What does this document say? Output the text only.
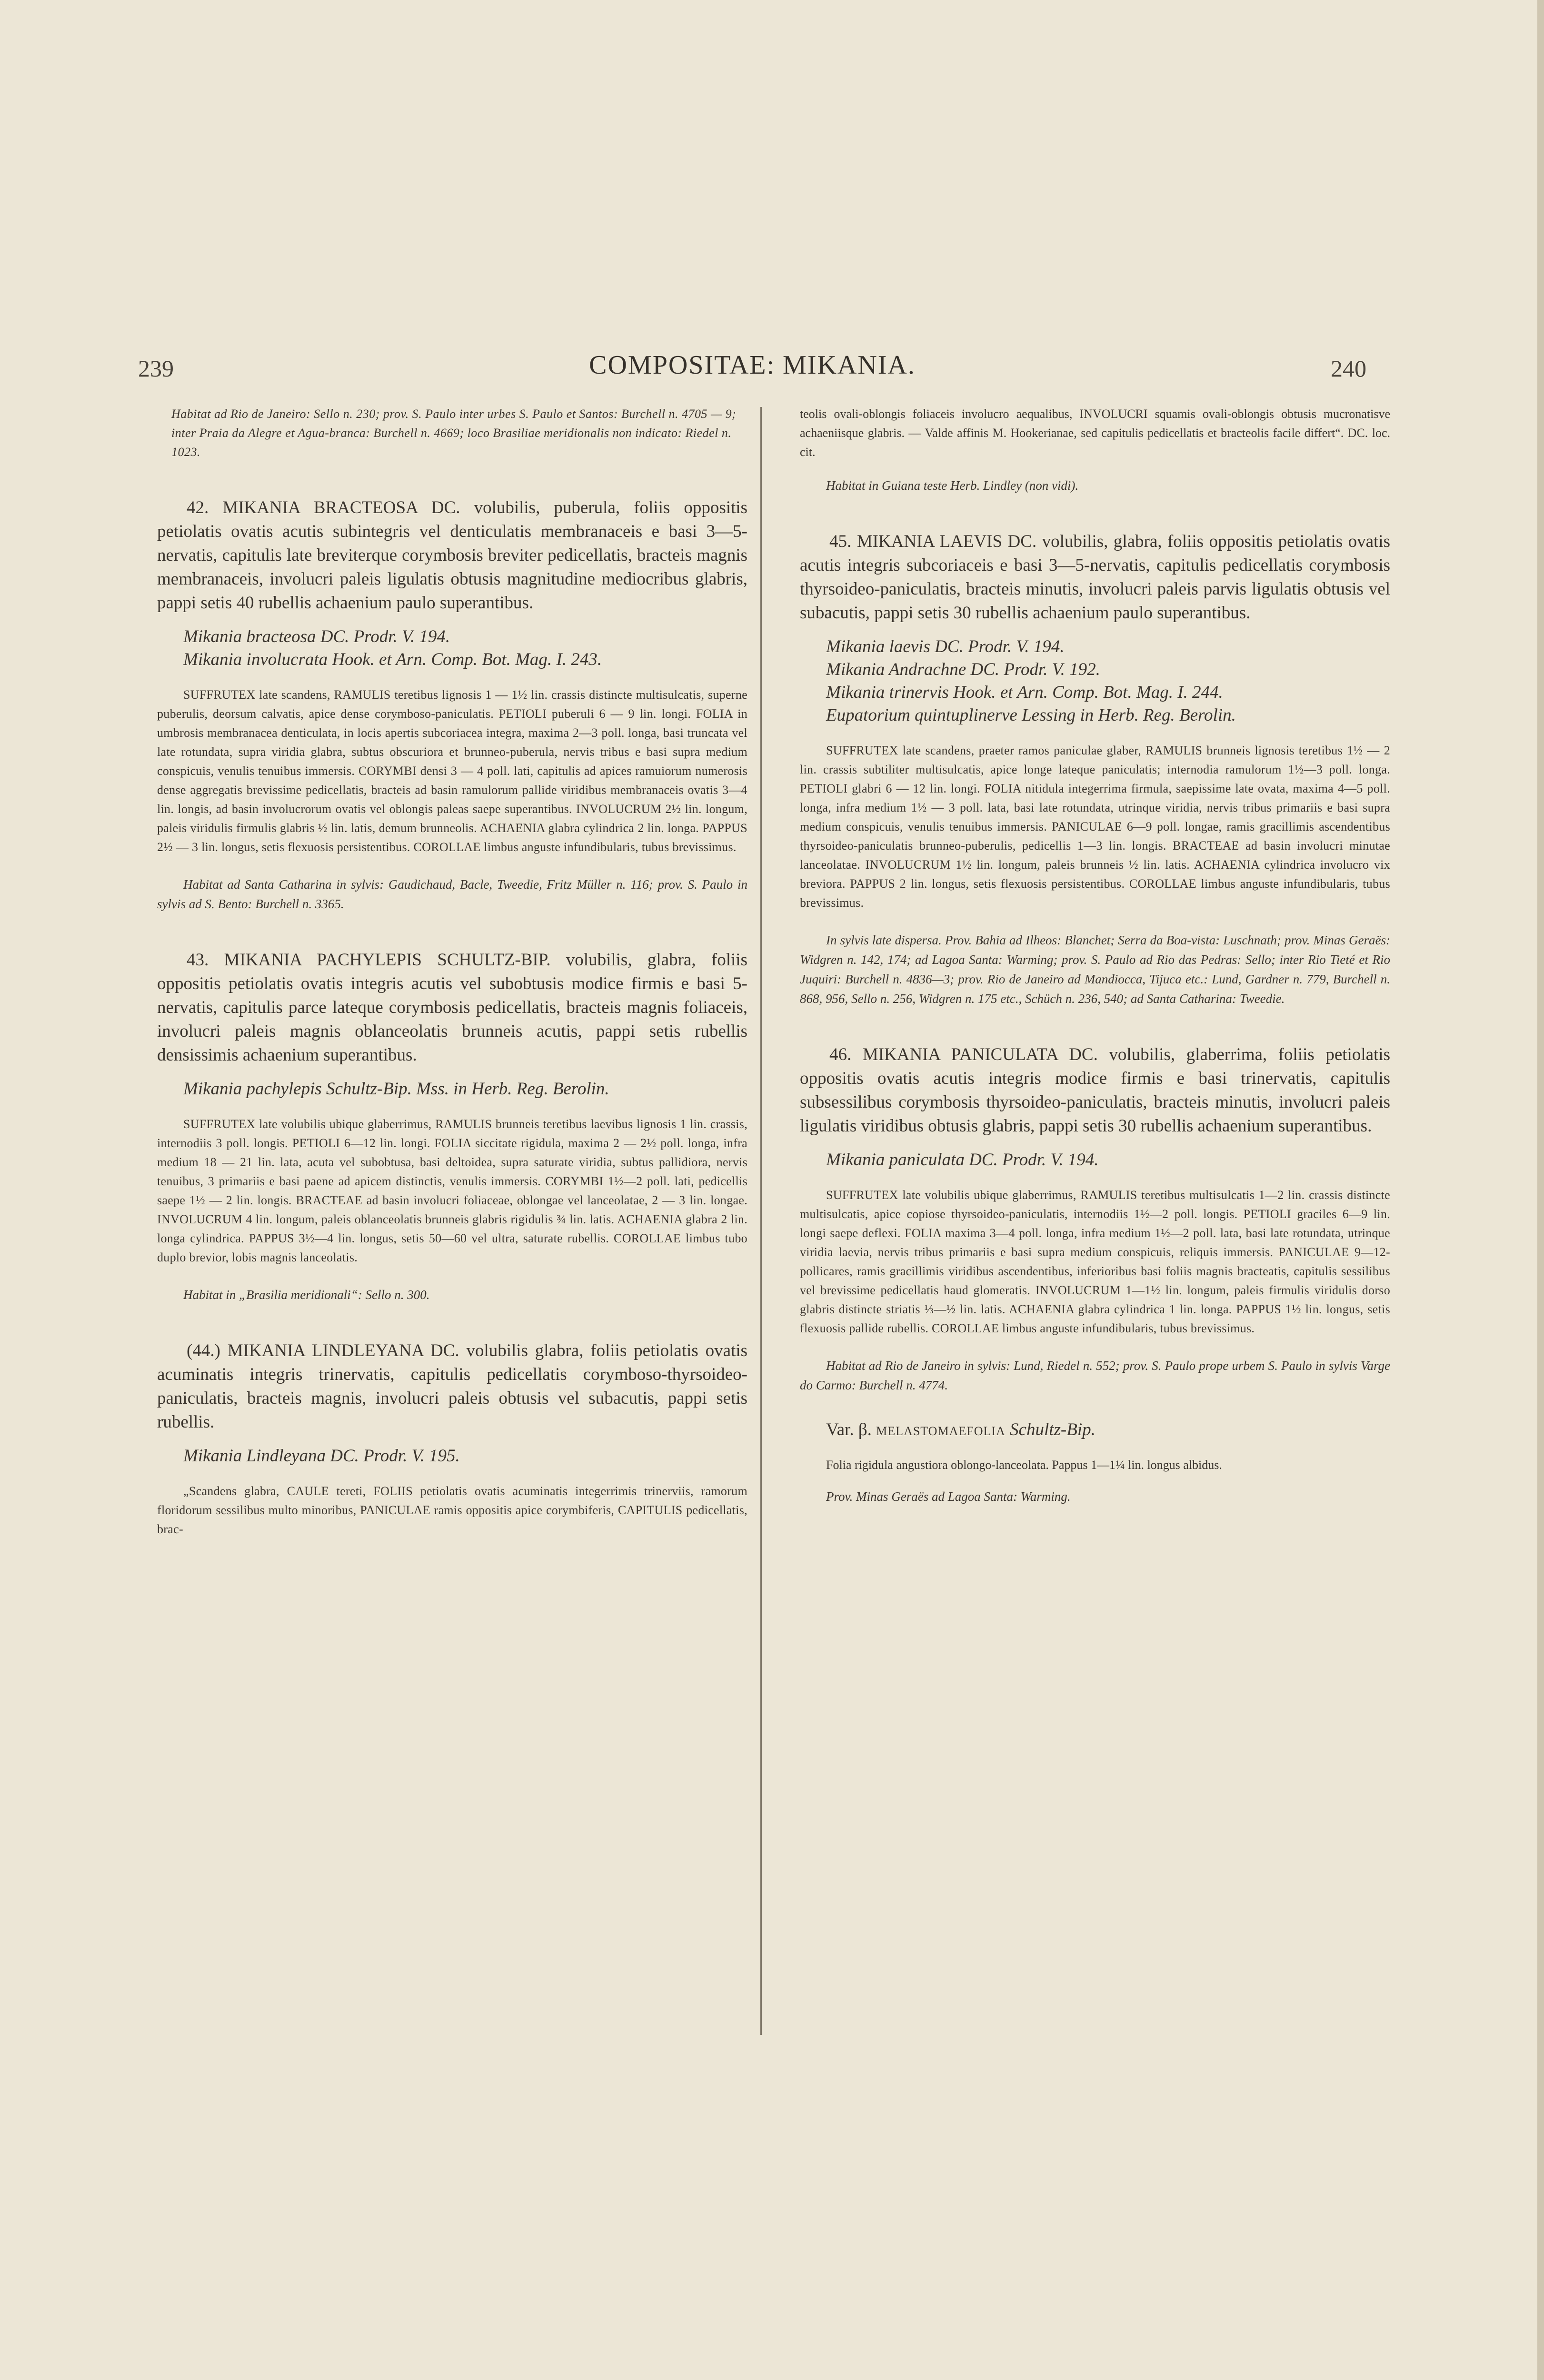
239	COMPOSITAE: MIKANIA.	240

Habitat ad Rio de Janeiro: Sello n. 230; prov. S. Paulo inter urbes S. Paulo et Santos: Burchell n. 4705 — 9; inter Praia da Alegre et Agua-branca: Burchell n. 4669; loco Brasiliae meridionalis non indicato: Riedel n. 1023.

42. MIKANIA BRACTEOSA DC. volubilis, puberula, foliis oppositis petiolatis ovatis acutis subintegris vel denticulatis membranaceis e basi 3—5-nervatis, capitulis late breviterque corymbosis breviter pedicellatis, bracteis magnis membranaceis, involucri paleis ligulatis obtusis magnitudine mediocribus glabris, pappi setis 40 rubellis achaenium paulo superantibus.

Mikania bracteosa DC. Prodr. V. 194.

Mikania involucrata Hook. et Arn. Comp. Bot. Mag. I. 243.

SUFFRUTEX late scandens, RAMULIS teretibus lignosis 1 — 1½ lin. crassis distincte multisulcatis, superne puberulis, deorsum calvatis, apice dense corymboso-paniculatis. PETIOLI puberuli 6 — 9 lin. longi. FOLIA in umbrosis membranacea denticulata, in locis apertis subcoriacea integra, maxima 2—3 poll. longa, basi truncata vel late rotundata, supra viridia glabra, subtus obscuriora et brunneo-puberula, nervis tribus e basi supra medium conspicuis, venulis tenuibus immersis. CORYMBI densi 3 — 4 poll. lati, capitulis ad apices ramuiorum numerosis dense aggregatis brevissime pedicellatis, bracteis ad basin ramulorum pallide viridibus membranaceis ovatis 3—4 lin. longis, ad basin involucrorum ovatis vel oblongis paleas saepe superantibus. INVOLUCRUM 2½ lin. longum, paleis viridulis firmulis glabris ½ lin. latis, demum brunneolis. ACHAENIA glabra cylindrica 2 lin. longa. PAPPUS 2½ — 3 lin. longus, setis flexuosis persistentibus. COROLLAE limbus anguste infundibularis, tubus brevissimus.

Habitat ad Santa Catharina in sylvis: Gaudichaud, Bacle, Tweedie, Fritz Müller n. 116; prov. S. Paulo in sylvis ad S. Bento: Burchell n. 3365.

43. MIKANIA PACHYLEPIS SCHULTZ-BIP. volubilis, glabra, foliis oppositis petiolatis ovatis integris acutis vel subobtusis modice firmis e basi 5-nervatis, capitulis parce lateque corymbosis pedicellatis, bracteis magnis foliaceis, involucri paleis magnis oblanceolatis brunneis acutis, pappi setis rubellis densissimis achaenium superantibus.

Mikania pachylepis Schultz-Bip. Mss. in Herb. Reg. Berolin.

SUFFRUTEX late volubilis ubique glaberrimus, RAMULIS brunneis teretibus laevibus lignosis 1 lin. crassis, internodiis 3 poll. longis. PETIOLI 6—12 lin. longi. FOLIA siccitate rigidula, maxima 2 — 2½ poll. longa, infra medium 18 — 21 lin. lata, acuta vel subobtusa, basi deltoidea, supra saturate viridia, subtus pallidiora, nervis tenuibus, 3 primariis e basi paene ad apicem distinctis, venulis immersis. CORYMBI 1½—2 poll. lati, pedicellis saepe 1½ — 2 lin. longis. BRACTEAE ad basin involucri foliaceae, oblongae vel lanceolatae, 2 — 3 lin. longae. INVOLUCRUM 4 lin. longum, paleis oblanceolatis brunneis glabris rigidulis ¾ lin. latis. ACHAENIA glabra 2 lin. longa cylindrica. PAPPUS 3½—4 lin. longus, setis 50—60 vel ultra, saturate rubellis. COROLLAE limbus tubo duplo brevior, lobis magnis lanceolatis.

Habitat in „Brasilia meridionali“: Sello n. 300.

(44.) MIKANIA LINDLEYANA DC. volubilis glabra, foliis petiolatis ovatis acuminatis integris trinervatis, capitulis pedicellatis corymboso-thyrsoideo-paniculatis, bracteis magnis, involucri paleis obtusis vel subacutis, pappi setis rubellis.

Mikania Lindleyana DC. Prodr. V. 195.

„Scandens glabra, CAULE tereti, FOLIIS petiolatis ovatis acuminatis integerrimis trinerviis, ramorum floridorum sessilibus multo minoribus, PANICULAE ramis oppositis apice corymbiferis, CAPITULIS pedicellatis, brac-

teolis ovali-oblongis foliaceis involucro aequalibus, INVOLUCRI squamis ovali-oblongis obtusis mucronatisve achaeniisque glabris. — Valde affinis M. Hookerianae, sed capitulis pedicellatis et bracteolis facile differt“. DC. loc. cit.

Habitat in Guiana teste Herb. Lindley (non vidi).

45. MIKANIA LAEVIS DC. volubilis, glabra, foliis oppositis petiolatis ovatis acutis integris subcoriaceis e basi 3—5-nervatis, capitulis pedicellatis corymbosis thyrsoideo-paniculatis, bracteis minutis, involucri paleis parvis ligulatis obtusis vel subacutis, pappi setis 30 rubellis achaenium paulo superantibus.

Mikania laevis DC. Prodr. V. 194.

Mikania Andrachne DC. Prodr. V. 192.

Mikania trinervis Hook. et Arn. Comp. Bot. Mag. I. 244.

Eupatorium quintuplinerve Lessing in Herb. Reg. Berolin.

SUFFRUTEX late scandens, praeter ramos paniculae glaber, RAMULIS brunneis lignosis teretibus 1½ — 2 lin. crassis subtiliter multisulcatis, apice longe lateque paniculatis; internodia ramulorum 1½—3 poll. longa. PETIOLI glabri 6 — 12 lin. longi. FOLIA nitidula integerrima firmula, saepissime late ovata, maxima 4—5 poll. longa, infra medium 1½ — 3 poll. lata, basi late rotundata, utrinque viridia, nervis tribus primariis e basi supra medium conspicuis, venulis tenuibus immersis. PANICULAE 6—9 poll. longae, ramis gracillimis ascendentibus thyrsoideo-paniculatis brunneo-puberulis, pedicellis 1—3 lin. longis. BRACTEAE ad basin involucri minutae lanceolatae. INVOLUCRUM 1½ lin. longum, paleis brunneis ½ lin. latis. ACHAENIA cylindrica involucro vix breviora. PAPPUS 2 lin. longus, setis flexuosis persistentibus. COROLLAE limbus anguste infundibularis, tubus brevissimus.

In sylvis late dispersa. Prov. Bahia ad Ilheos: Blanchet; Serra da Boa-vista: Luschnath; prov. Minas Geraës: Widgren n. 142, 174; ad Lagoa Santa: Warming; prov. S. Paulo ad Rio das Pedras: Sello; inter Rio Tieté et Rio Juquiri: Burchell n. 4836—3; prov. Rio de Janeiro ad Mandiocca, Tijuca etc.: Lund, Gardner n. 779, Burchell n. 868, 956, Sello n. 256, Widgren n. 175 etc., Schüch n. 236, 540; ad Santa Catharina: Tweedie.

46. MIKANIA PANICULATA DC. volubilis, glaberrima, foliis petiolatis oppositis ovatis acutis integris modice firmis e basi trinervatis, capitulis subsessilibus corymbosis thyrsoideo-paniculatis, bracteis minutis, involucri paleis ligulatis viridibus obtusis glabris, pappi setis 30 rubellis achaenium superantibus.

Mikania paniculata DC. Prodr. V. 194.

SUFFRUTEX late volubilis ubique glaberrimus, RAMULIS teretibus multisulcatis 1—2 lin. crassis distincte multisulcatis, apice copiose thyrsoideo-paniculatis, internodiis 1½—2 poll. longis. PETIOLI graciles 6—9 lin. longi saepe deflexi. FOLIA maxima 3—4 poll. longa, infra medium 1½—2 poll. lata, basi late rotundata, utrinque viridia laevia, nervis tribus primariis e basi supra medium conspicuis, reliquis immersis. PANICULAE 9—12-pollicares, ramis gracillimis viridibus ascendentibus, inferioribus basi foliis magnis bracteatis, capitulis sessilibus vel brevissime pedicellatis haud glomeratis. INVOLUCRUM 1—1½ lin. longum, paleis firmulis viridulis dorso glabris distincte striatis ⅓—½ lin. latis. ACHAENIA glabra cylindrica 1 lin. longa. PAPPUS 1½ lin. longus, setis flexuosis pallide rubellis. COROLLAE limbus anguste infundibularis, tubus brevissimus.

Habitat ad Rio de Janeiro in sylvis: Lund, Riedel n. 552; prov. S. Paulo prope urbem S. Paulo in sylvis Varge do Carmo: Burchell n. 4774.

Var. β. MELASTOMAEFOLIA Schultz-Bip.

Folia rigidula angustiora oblongo-lanceolata. Pappus 1—1¼ lin. longus albidus.

Prov. Minas Geraës ad Lagoa Santa: Warming.
